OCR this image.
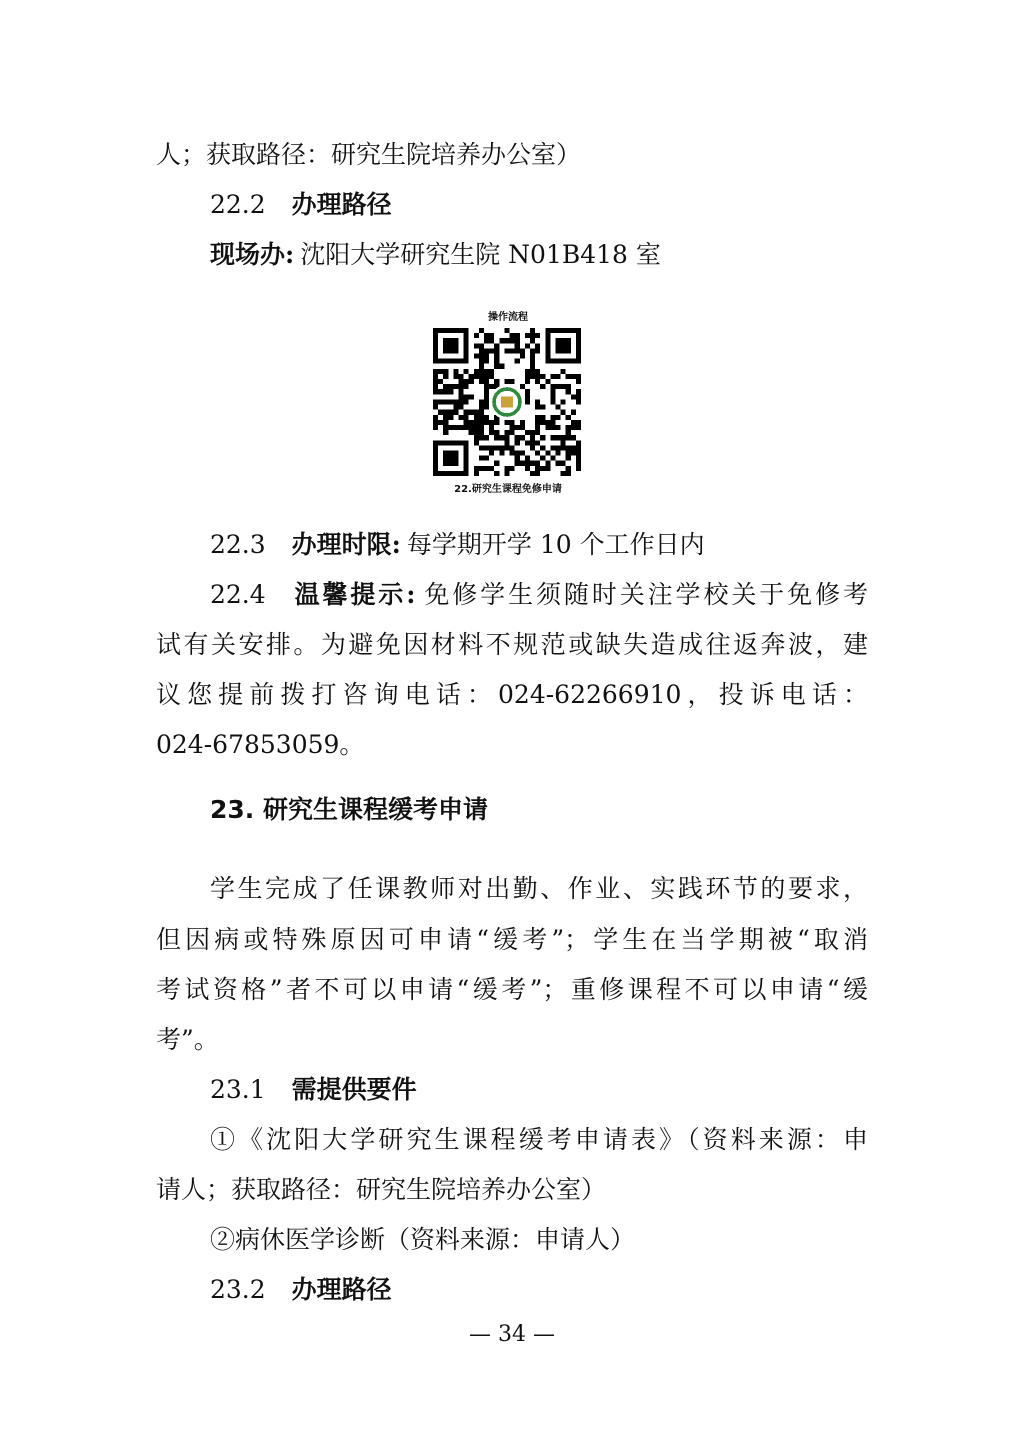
人；获取路径：研究生院培养办公室）
22.2 办理路径
现场办: 沈阳大学研究生院 N01B418 室
操作流程
22.研究生课程免修申请
22.3 办理时限: 每学期开学 10 个工作日内
22.4 温馨提示: 免修学生须随时关注学校关于免修考
试有关安排。为避免因材料不规范或缺失造成往返奔波，建
议您提前拨打咨询电话：024-62266910，投诉电话：
024-67853059。
23. 研究生课程缓考申请
学生完成了任课教师对出勤、作业、实践环节的要求，
但因病或特殊原因可申请“缓考”；学生在当学期被“取消
考试资格”者不可以申请“缓考”；重修课程不可以申请“缓
考”。
23.1 需提供要件
①《沈阳大学研究生课程缓考申请表》（资料来源：申
请人；获取路径：研究生院培养办公室）
②病休医学诊断（资料来源：申请人）
23.2 办理路径
— 34 —
